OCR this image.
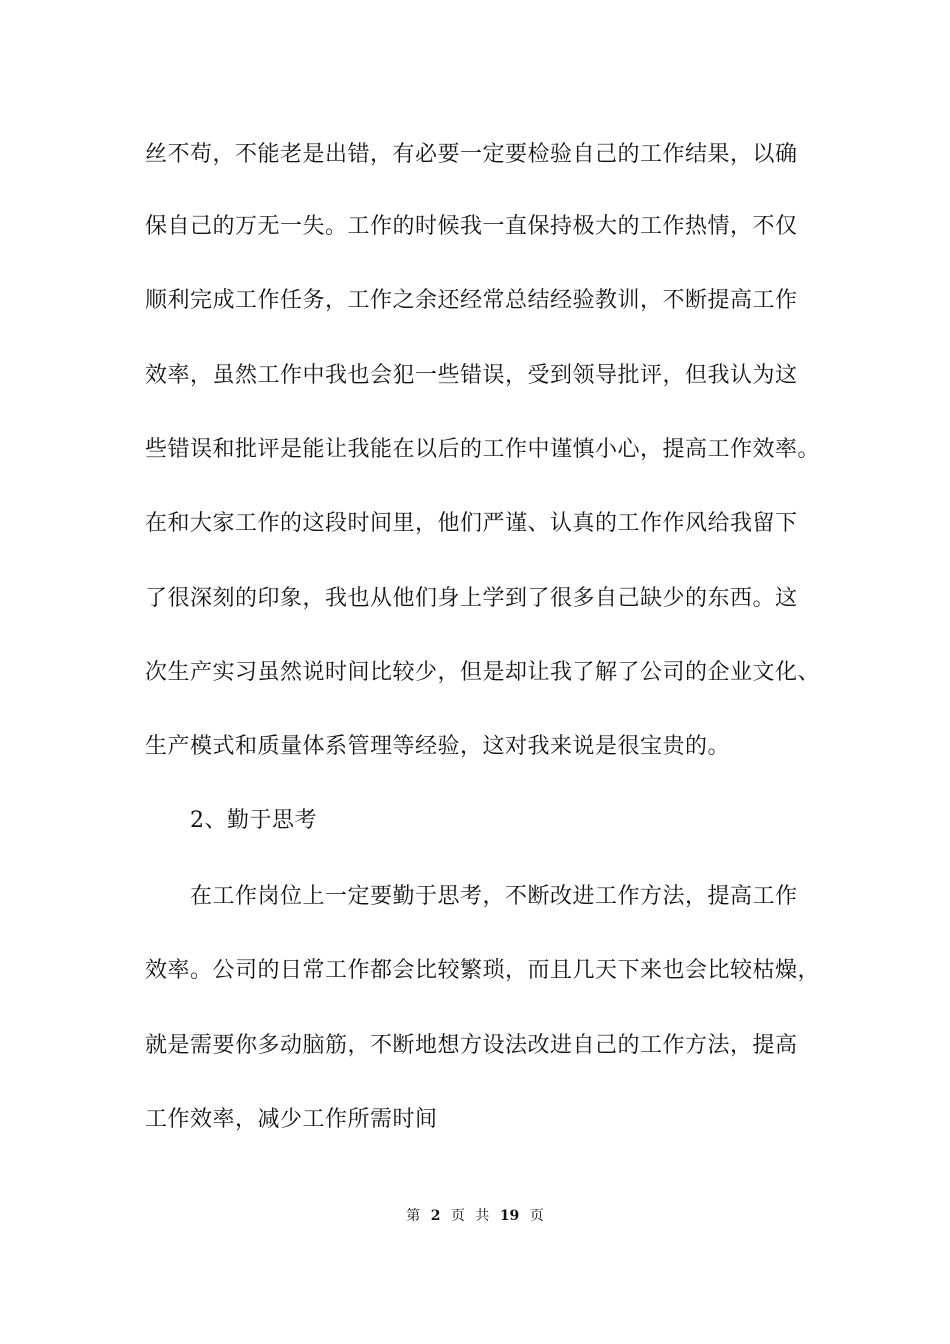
丝不苟，不能老是出错，有必要一定要检验自己的工作结果，以确
保自己的万无一失。工作的时候我一直保持极大的工作热情，不仅
顺利完成工作任务，工作之余还经常总结经验教训，不断提高工作
效率，虽然工作中我也会犯一些错误，受到领导批评，但我认为这
些错误和批评是能让我能在以后的工作中谨慎小心，提高工作效率。
在和大家工作的这段时间里，他们严谨、认真的工作作风给我留下
了很深刻的印象，我也从他们身上学到了很多自己缺少的东西。这
次生产实习虽然说时间比较少，但是却让我了解了公司的企业文化、
生产模式和质量体系管理等经验，这对我来说是很宝贵的。
2、勤于思考
在工作岗位上一定要勤于思考，不断改进工作方法，提高工作
效率。公司的日常工作都会比较繁琐，而且几天下来也会比较枯燥，
就是需要你多动脑筋，不断地想方设法改进自己的工作方法，提高
工作效率，减少工作所需时间
第 2 页 共 19 页
